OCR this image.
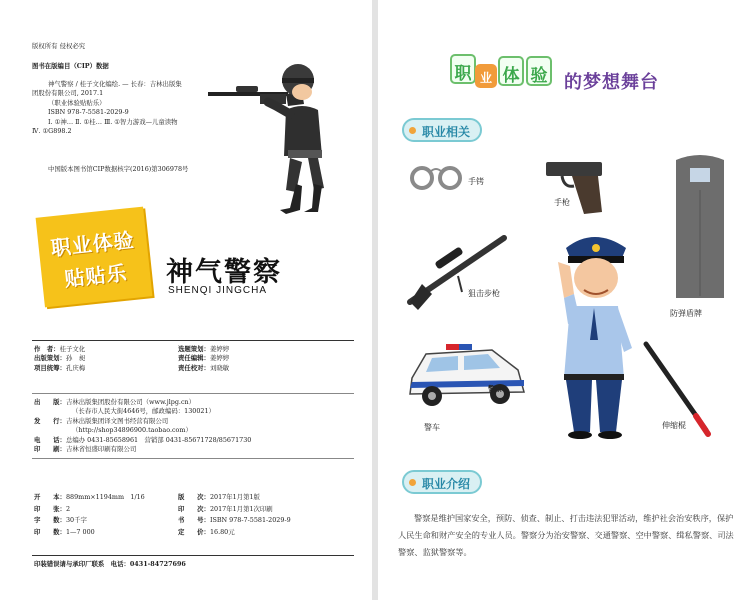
版权所有 侵权必究
图书在版编目（CIP）数据
神气警察 / 桂子文化编绘. — 长春：吉林出版集
团股份有限公司, 2017.1
（职业体验贴贴乐）
ISBN 978-7-5581-2029-9
Ⅰ. ①神… Ⅱ. ①桂… Ⅲ. ①智力游戏—儿童读物
Ⅳ. ①G898.2
中国版本图书馆CIP数据核字(2016)第306978号
职业体验
贴贴乐	神气警察
SHENQI JINGCHA
作　者：桂子文化
出版策划：孙　昶
项目统筹：孔庆梅
选题策划：姜婷婷
责任编辑：姜婷婷
责任校对：刘晓敏
出　　版：吉林出版集团股份有限公司（www.jlpg.cn）
（长春市人民大街4646号，邮政编码：130021）
发　　行：吉林出版集团译文图书经营有限公司
（http://shop34896900.taobao.com）
电　　话：总编办 0431-85658961　营销部 0431-85671728/85671730
印　　刷：吉林省恒盛印刷有限公司
开　　本：889mm×1194mm　1/16
印　　张：2
字　　数：30千字
印　　数：1—7 000
版　　次：2017年1月第1版
印　　次：2017年1月第1次印刷
书　　号：ISBN 978-7-5581-2029-9
定　　价：16.80元
印装错误请与承印厂联系　电话：0431-84727696
职 业 体 验 的梦想舞台
职业相关
手铐
手枪
防弹盾牌
狙击步枪
警察
警车	伸缩棍
职业介绍
警察是维护国家安全，预防、侦查、制止、打击违法犯罪活动，维护社会治安秩序，保护人民生命和财产安全的专业人员。警察分为治安警察、交通警察、空中警察、缉私警察、司法警察、监狱警察等。
